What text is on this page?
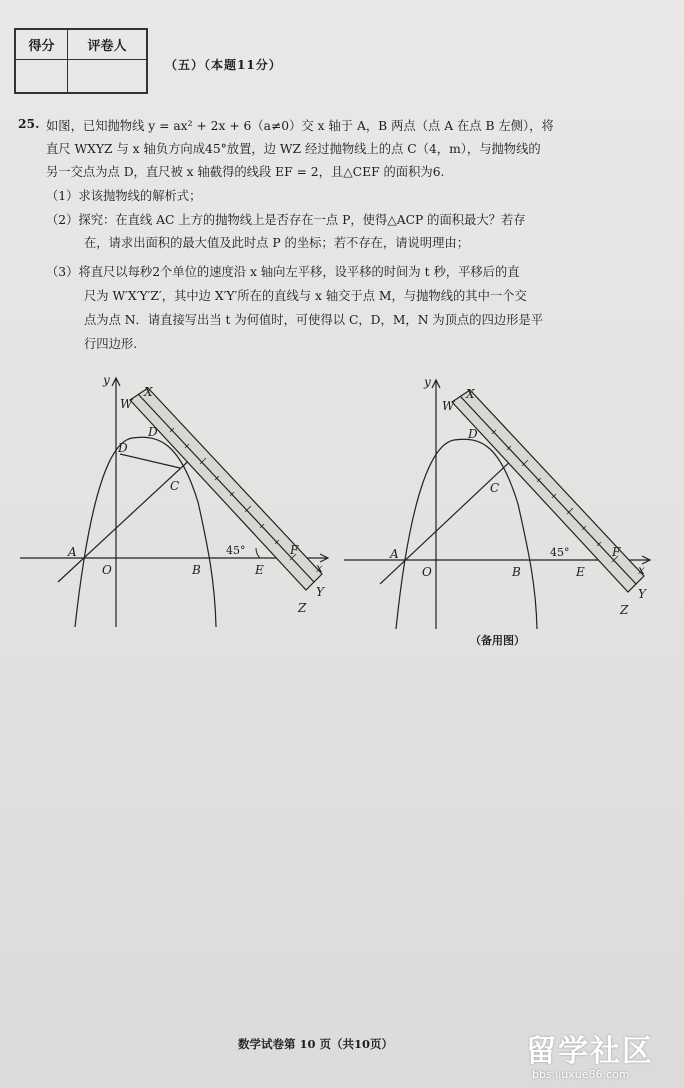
得分	评卷人
（五）（本题11分）
25. 如图，已知抛物线 y = ax² + 2x + 6（a≠0）交 x 轴于 A，B 两点（点 A 在点 B 左侧），将
直尺 WXYZ 与 x 轴负方向成45°放置，边 WZ 经过抛物线上的点 C（4，m），与抛物线的
另一交点为点 D，直尺被 x 轴截得的线段 EF = 2，且△CEF 的面积为6.
（1）求该抛物线的解析式；
（2）探究：在直线 AC 上方的抛物线上是否存在一点 P，使得△ACP 的面积最大？若存
在，请求出面积的最大值及此时点 P 的坐标；若不存在，请说明理由；
（3）将直尺以每秒2个单位的速度沿 x 轴向左平移，设平移的时间为 t 秒，平移后的直
尺为 W′X′Y′Z′，其中边 X′Y′所在的直线与 x 轴交于点 M，与抛物线的其中一个交
点为点 N．请直接写出当 t 为何值时，可使得以 C，D，M，N 为顶点的四边形是平
行四边形.
y
W
X
D
D
C
A
O	B
45°
E
F
x
Y
Z
y
W
X
D
C
A
O	B
45°
E
F
x
Y
Z
（备用图）
数学试卷第 10 页（共10页）	留学社区
bbs.liuxue86.com
